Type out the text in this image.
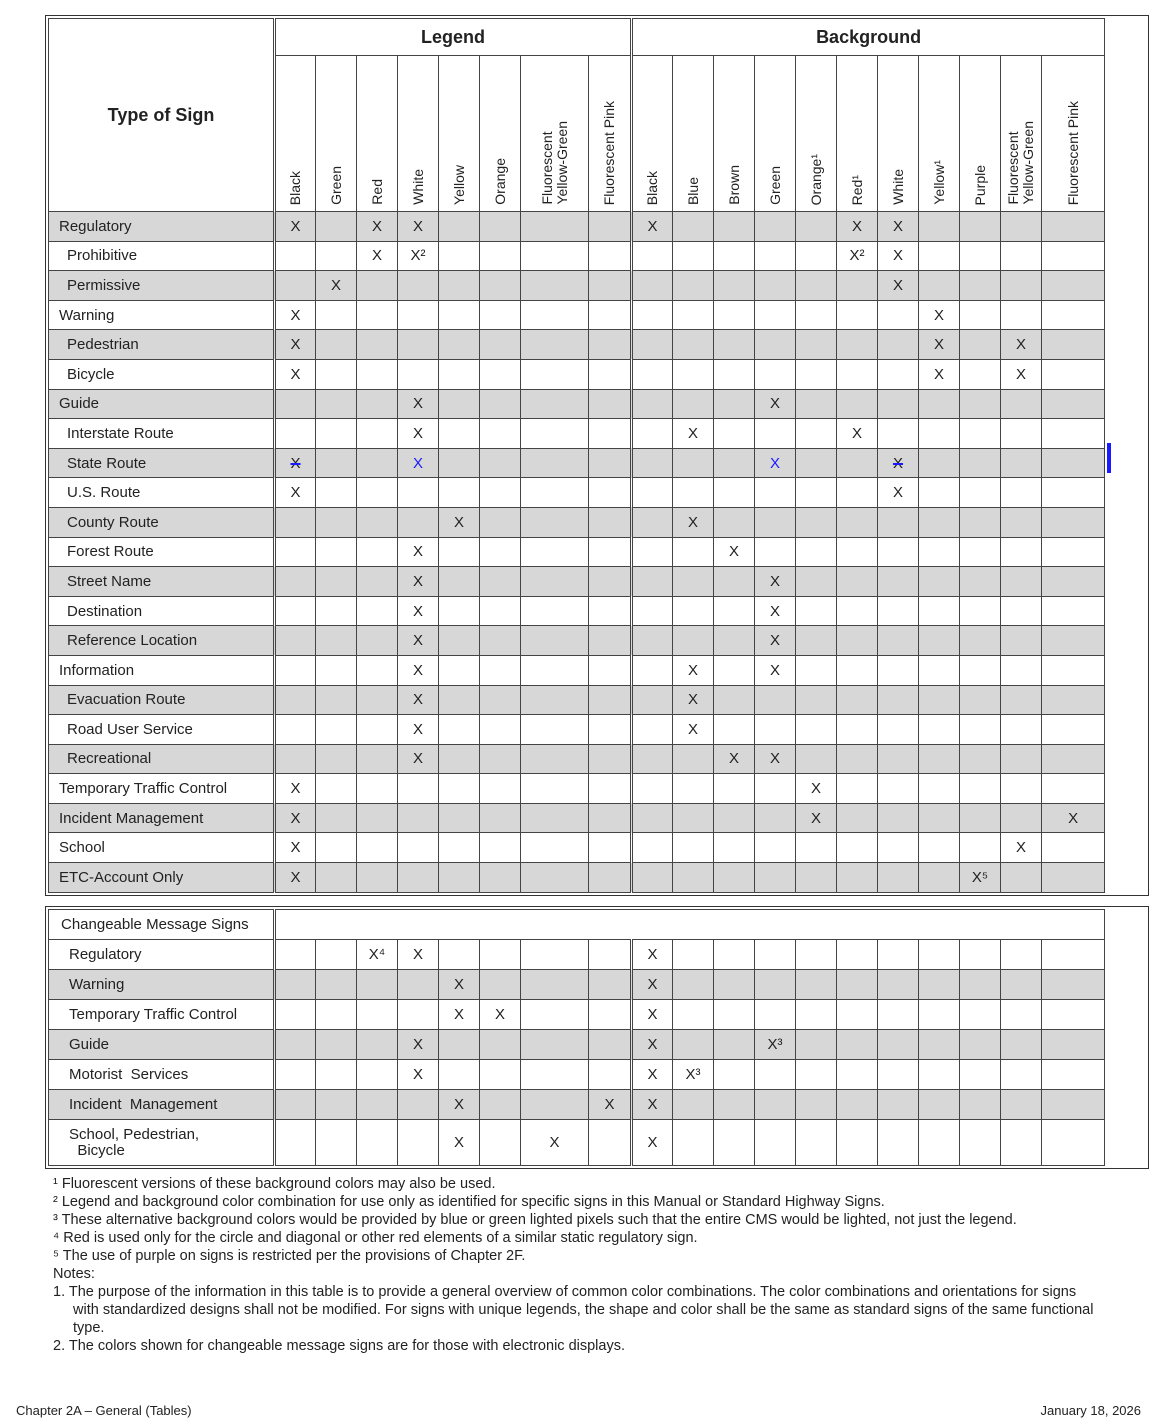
Type of Sign	Legend								Background										

	Black	Green	Red	White	Yellow	Orange	Fluorescent
Yellow-Green	Fluorescent Pink	Black	Blue	Brown	Green	Orange¹	Red¹	White	Yellow¹	Purple	Fluorescent
Yellow-Green	Fluorescent Pink

Regulatory	X		X	X					X					X	X				
Prohibitive			X	X²										X²	X				
Permissive		X													X				
Warning	X															X			
Pedestrian	X															X		X	
Bicycle	X															X		X	
Guide				X								X							
Interstate Route				X						X				X					
State Route	X			X								X			X				
U.S. Route	X														X				
County Route					X					X									
Forest Route				X							X								
Street Name				X								X							
Destination				X								X							
Reference Location				X								X							
Information				X						X		X							
Evacuation Route				X						X									
Road User Service				X						X									
Recreational				X							X	X							
Temporary Traffic Control	X												X						
Incident Management	X												X						X
School	X																	X	
ETC-Account Only	X																X⁵		
Changeable Message Signs																			
Regulatory			X⁴	X					X										
Warning					X				X										
Temporary Traffic Control					X	X			X										
Guide				X					X			X³							
Motorist  Services				X					X	X³									
Incident  Management					X			X	X										
School, Pedestrian,
Bicycle					X		X		X										
¹ Fluorescent versions of these background colors may also be used.
² Legend and background color combination for use only as identified for specific signs in this Manual or Standard Highway Signs.
³ These alternative background colors would be provided by blue or green lighted pixels such that the entire CMS would be lighted, not just the legend.
⁴ Red is used only for the circle and diagonal or other red elements of a similar static regulatory sign.
⁵ The use of purple on signs is restricted per the provisions of Chapter 2F.
Notes:
1. The purpose of the information in this table is to provide a general overview of common color combinations. The color combinations and orientations for signs with standardized designs shall not be modified. For signs with unique legends, the shape and color shall be the same as standard signs of the same functional type.
2. The colors shown for changeable message signs are for those with electronic displays.
Chapter 2A – General (Tables)	January 18, 2026
